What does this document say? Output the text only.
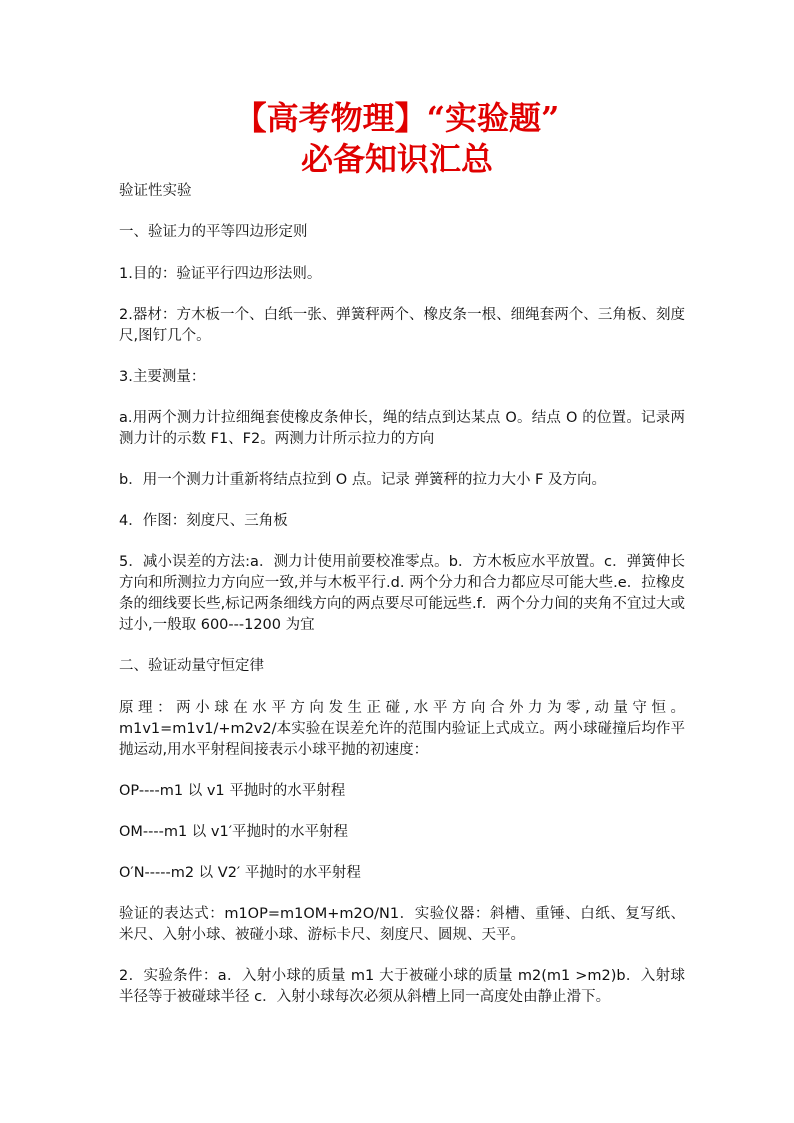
【高考物理】“实验题”
必备知识汇总

验证性实验

一、验证力的平等四边形定则

1.目的：验证平行四边形法则。

2.器材：方木板一个、白纸一张、弹簧秤两个、橡皮条一根、细绳套两个、三角板、刻度尺,图钉几个。

3.主要测量：

a.用两个测力计拉细绳套使橡皮条伸长，绳的结点到达某点 O。结点 O 的位置。记录两测力计的示数 F1、F2。两测力计所示拉力的方向

b．用一个测力计重新将结点拉到 O 点。记录 弹簧秤的拉力大小 F 及方向。

4．作图：刻度尺、三角板

5．减小误差的方法:a．测力计使用前要校准零点。b．方木板应水平放置。c．弹簧伸长方向和所测拉力方向应一致,并与木板平行.d. 两个分力和合力都应尽可能大些.e．拉橡皮条的细线要长些,标记两条细线方向的两点要尽可能远些.f．两个分力间的夹角不宜过大或过小,一般取 600---1200 为宜

二、验证动量守恒定律

原理：两小球在水平方向发生正碰,水平方向合外力为零,动量守恒。m1v1=m1v1/+m2v2/本实验在误差允许的范围内验证上式成立。两小球碰撞后均作平抛运动,用水平射程间接表示小球平抛的初速度：

OP----m1 以 v1 平抛时的水平射程

OM----m1 以 v1′平抛时的水平射程

O′N-----m2 以 V2′ 平抛时的水平射程

验证的表达式：m1OP=m1OM+m2O/N1．实验仪器：斜槽、重锤、白纸、复写纸、米尺、入射小球、被碰小球、游标卡尺、刻度尺、圆规、天平。

2．实验条件：a．入射小球的质量 m1 大于被碰小球的质量 m2(m1 >m2)b．入射球半径等于被碰球半径 c．入射小球每次必须从斜槽上同一高度处由静止滑下。
